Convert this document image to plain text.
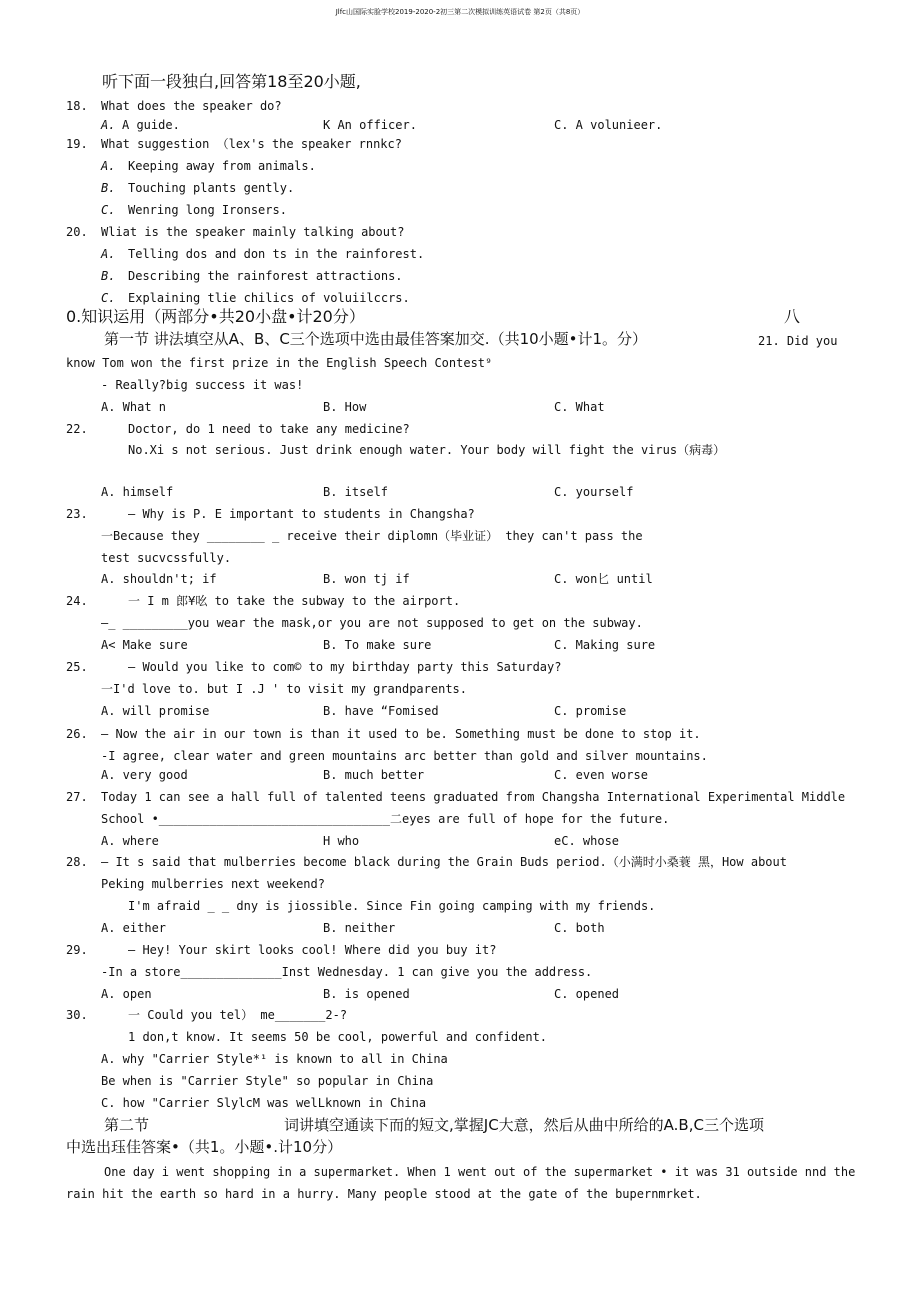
Jlfc山国际实脸学校2019-2020-2初三第二次模拟训练英语试卷 第2页（共8页）
听下面一段独白,回答第18至20小题,
18. What does the speaker do?
A. A guide.	K An officer.	C. A volunieer.
19. What suggestion （lex's the speaker rnnkc?
A. Keeping away from animals.
B. Touching plants gently.
C. Wenring long Ironsers.
20. Wliat is the speaker mainly talking about?
A. Telling dos and don ts in the rainforest.
B. Describing the rainforest attractions.
C. Explaining tlie chilics of voluiilccrs.
0.知识运用（两部分•共20小盘•计20分）	八
第一节 讲法填空从A、B、C三个选项中选由最佳答案加交.（共10小题•计1。分）	21. Did you
know Tom won the first prize in the English Speech Contest⁹
- Really?big success it was!
A. What n	B. How	C. What
22.	Doctor, do 1 need to take any medicine?
No.Xi s not serious. Just drink enough water. Your body will fight the virus（病毒）
A. himself	B. itself	C. yourself
23.	— Why is P. E important to students in Changsha?
一Because they ________ _ receive their diplomn（毕业证） they can't pass the
test sucvcssfully.
A. shouldn't; if	B. won tj if	C. won匕 until
24.	一 I m 郎¥吆 to take the subway to the airport.
—_ _________you wear the mask,or you are not supposed to get on the subway.
A< Make sure	B. To make sure	C. Making sure
25.	— Would you like to com© to my birthday party this Saturday?
一I'd love to. but I .J ' to visit my grandparents.
A. will promise	B. have “Fomised	C. promise
26. — Now the air in our town is than it used to be. Something must be done to stop it.
-I agree, clear water and green mountains arc better than gold and silver mountains.
A. very good	B. much better	C. even worse
27. Today 1 can see a hall full of talented teens graduated from Changsha International Experimental Middle
School •________________________________二eyes are full of hope for the future.
A. where	H who	eC. whose
28. — It s said that mulberries become black during the Grain Buds period.（小满时小桑蓑 黑，How about
Peking mulberries next weekend?
I'm afraid _ _ dny is jiossible. Since Fin going camping with my friends.
A. either	B. neither	C. both
29.	— Hey! Your skirt looks cool! Where did you buy it?
-In a store______________Inst Wednesday. 1 can give you the address.
A. open	B. is opened	C. opened
30.	一 Could you tel） me_______2-?
1 don,t know. It seems 50 be cool, powerful and confident.
A. why "Carrier Style*¹ is known to all in China
Be when is "Carrier Style" so popular in China
C. how "Carrier SlylcM was welLknown in China
第二节	词讲填空通读下而的短文,掌握JC大意，然后从曲中所给的A.B,C三个选项
中选出珏佳答案•（共1。小题•.计10分）
One day i went shopping in a supermarket. When 1 went out of the supermarket • it was 31 outside nnd the
rain hit the earth so hard in a hurry. Many people stood at the gate of the bupernmrket.
